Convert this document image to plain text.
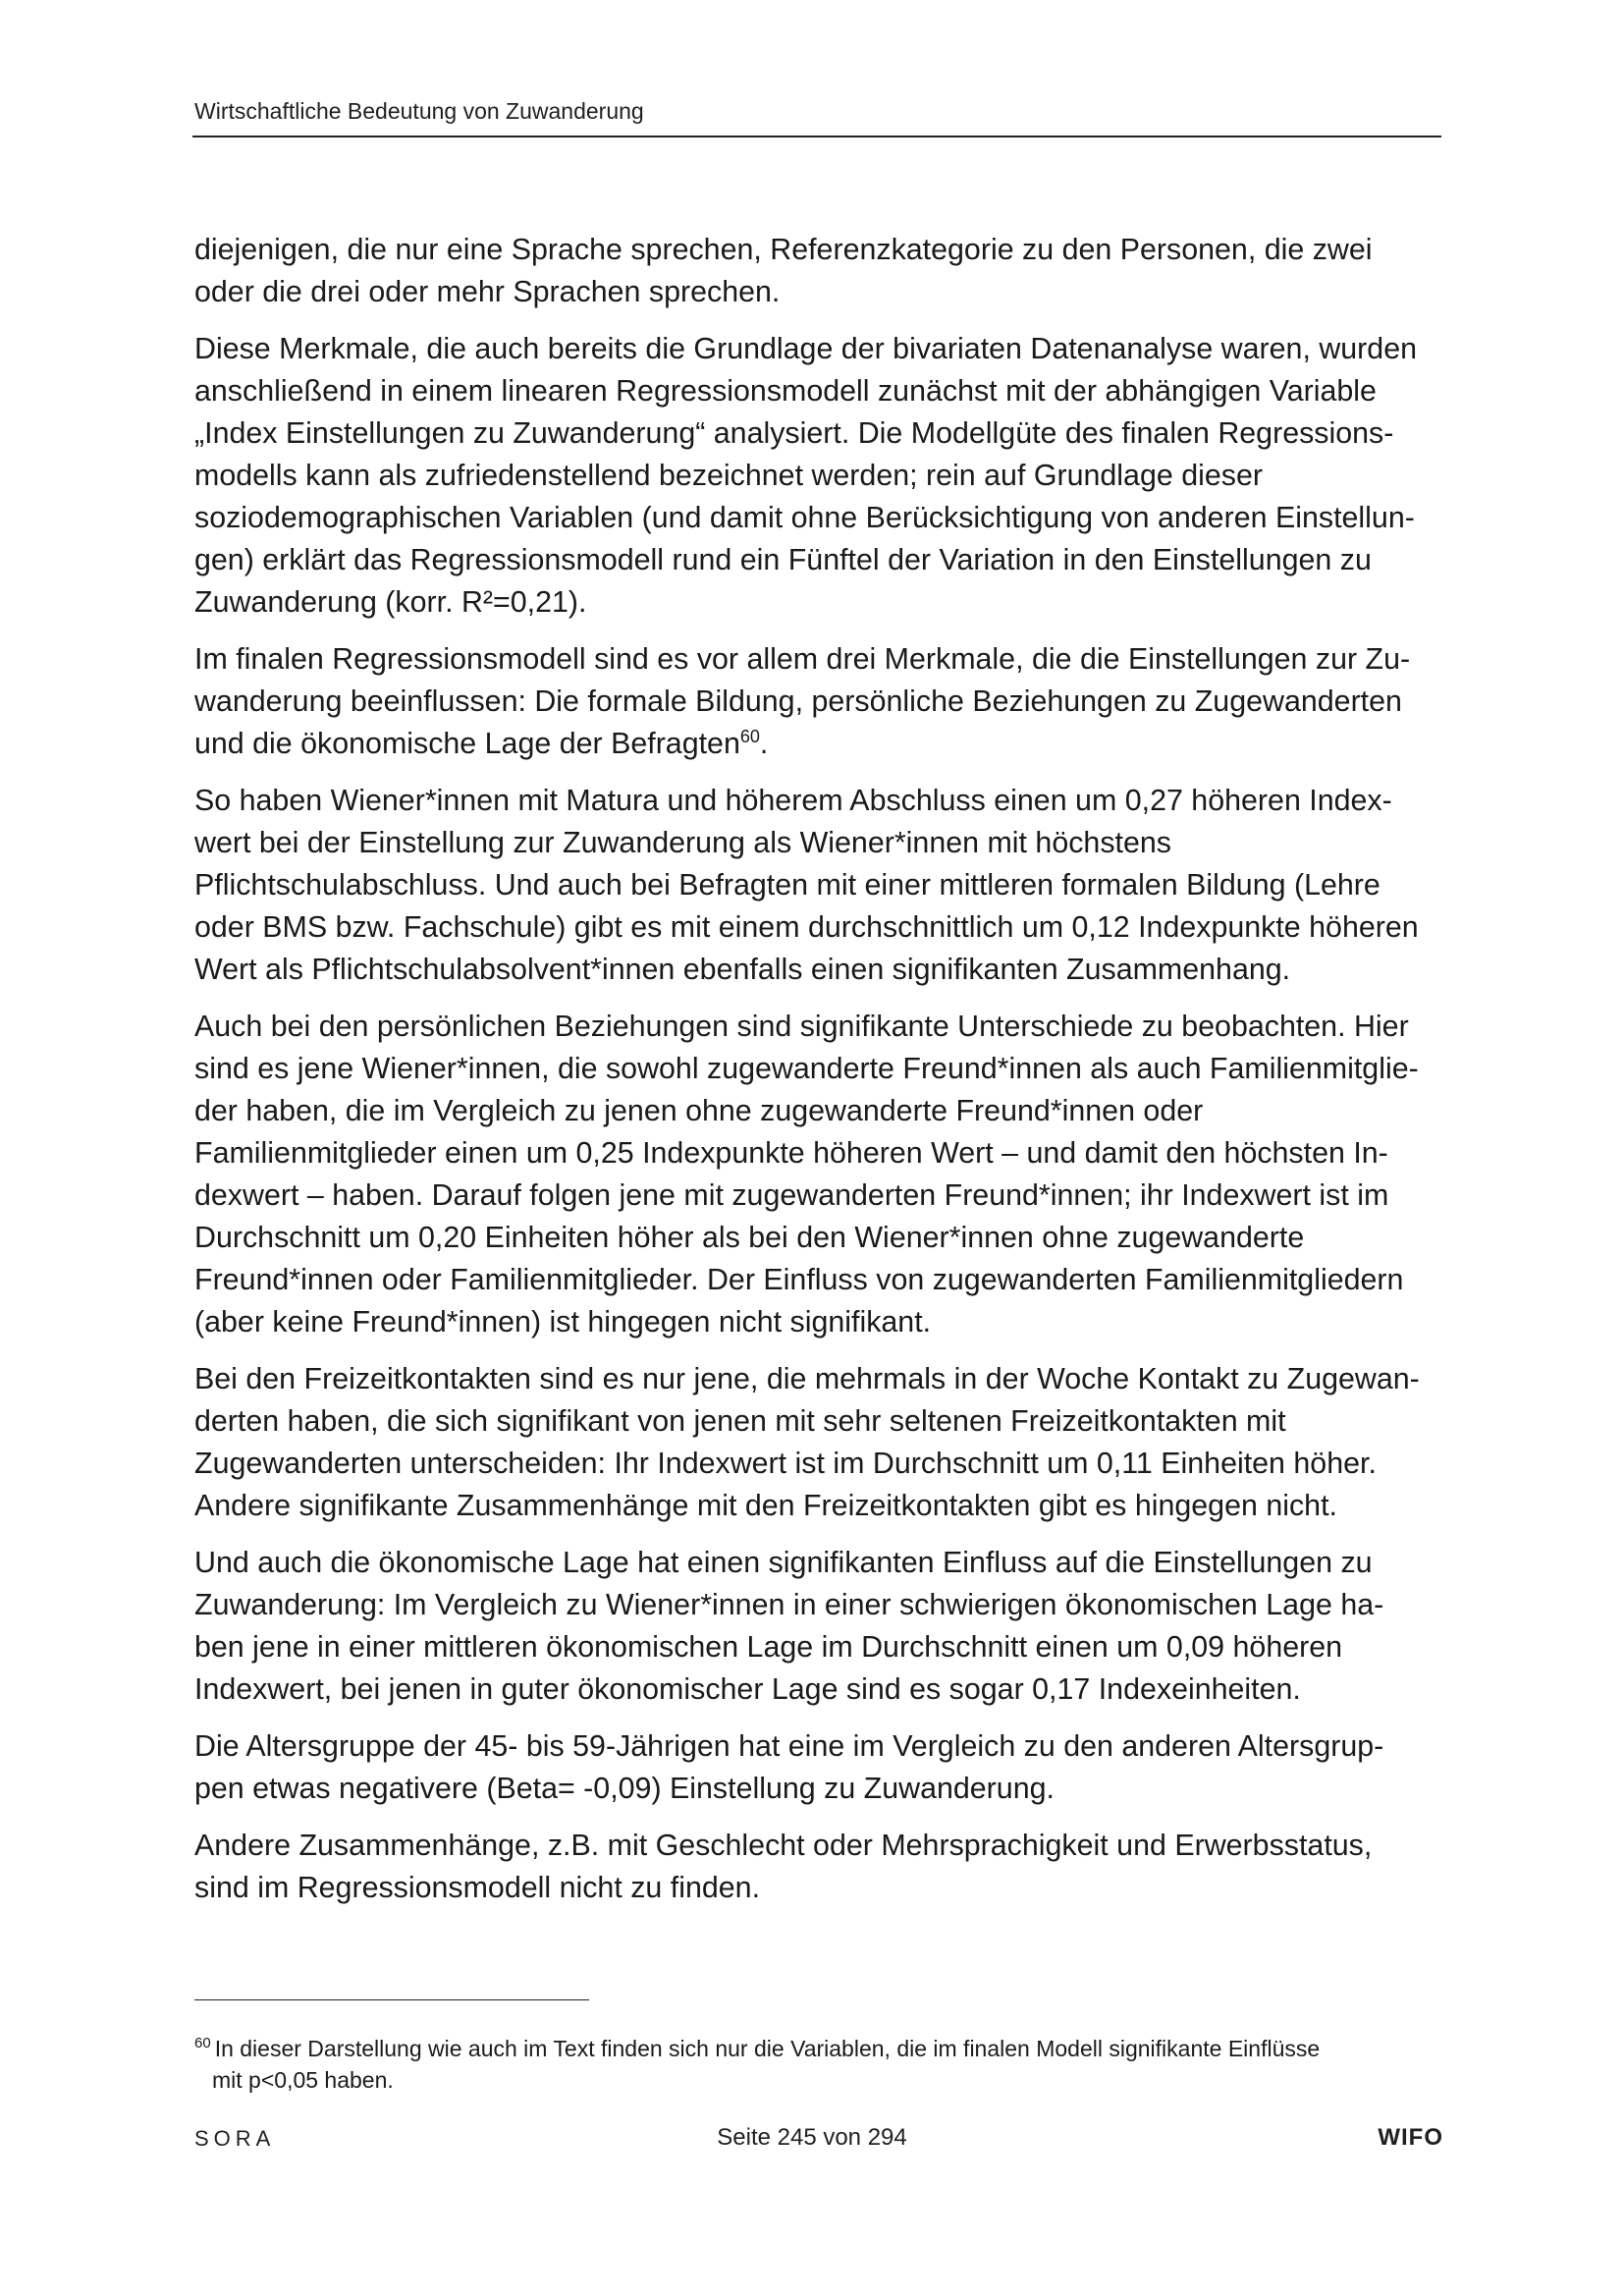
Wirtschaftliche Bedeutung von Zuwanderung
diejenigen, die nur eine Sprache sprechen, Referenzkategorie zu den Personen, die zwei
oder die drei oder mehr Sprachen sprechen.
Diese Merkmale, die auch bereits die Grundlage der bivariaten Datenanalyse waren, wurden
anschließend in einem linearen Regressionsmodell zunächst mit der abhängigen Variable
„Index Einstellungen zu Zuwanderung“ analysiert. Die Modellgüte des finalen Regressions-
modells kann als zufriedenstellend bezeichnet werden; rein auf Grundlage dieser
soziodemographischen Variablen (und damit ohne Berücksichtigung von anderen Einstellun-
gen) erklärt das Regressionsmodell rund ein Fünftel der Variation in den Einstellungen zu
Zuwanderung (korr. R²=0,21).
Im finalen Regressionsmodell sind es vor allem drei Merkmale, die die Einstellungen zur Zu-
wanderung beeinflussen: Die formale Bildung, persönliche Beziehungen zu Zugewanderten
und die ökonomische Lage der Befragten$^{60}$.
So haben Wiener*innen mit Matura und höherem Abschluss einen um 0,27 höheren Index-
wert bei der Einstellung zur Zuwanderung als Wiener*innen mit höchstens
Pflichtschulabschluss. Und auch bei Befragten mit einer mittleren formalen Bildung (Lehre
oder BMS bzw. Fachschule) gibt es mit einem durchschnittlich um 0,12 Indexpunkte höheren
Wert als Pflichtschulabsolvent*innen ebenfalls einen signifikanten Zusammenhang.
Auch bei den persönlichen Beziehungen sind signifikante Unterschiede zu beobachten. Hier
sind es jene Wiener*innen, die sowohl zugewanderte Freund*innen als auch Familienmitglie-
der haben, die im Vergleich zu jenen ohne zugewanderte Freund*innen oder
Familienmitglieder einen um 0,25 Indexpunkte höheren Wert – und damit den höchsten In-
dexwert – haben. Darauf folgen jene mit zugewanderten Freund*innen; ihr Indexwert ist im
Durchschnitt um 0,20 Einheiten höher als bei den Wiener*innen ohne zugewanderte
Freund*innen oder Familienmitglieder. Der Einfluss von zugewanderten Familienmitgliedern
(aber keine Freund*innen) ist hingegen nicht signifikant.
Bei den Freizeitkontakten sind es nur jene, die mehrmals in der Woche Kontakt zu Zugewan-
derten haben, die sich signifikant von jenen mit sehr seltenen Freizeitkontakten mit
Zugewanderten unterscheiden: Ihr Indexwert ist im Durchschnitt um 0,11 Einheiten höher.
Andere signifikante Zusammenhänge mit den Freizeitkontakten gibt es hingegen nicht.
Und auch die ökonomische Lage hat einen signifikanten Einfluss auf die Einstellungen zu
Zuwanderung: Im Vergleich zu Wiener*innen in einer schwierigen ökonomischen Lage ha-
ben jene in einer mittleren ökonomischen Lage im Durchschnitt einen um 0,09 höheren
Indexwert, bei jenen in guter ökonomischer Lage sind es sogar 0,17 Indexeinheiten.
Die Altersgruppe der 45- bis 59-Jährigen hat eine im Vergleich zu den anderen Altersgrup-
pen etwas negativere (Beta= -0,09) Einstellung zu Zuwanderung.
Andere Zusammenhänge, z.B. mit Geschlecht oder Mehrsprachigkeit und Erwerbsstatus,
sind im Regressionsmodell nicht zu finden.
$^{60}$ In dieser Darstellung wie auch im Text finden sich nur die Variablen, die im finalen Modell signifikante Einflüsse
mit p<0,05 haben.
SORA	Seite 245 von 294	WIFO
